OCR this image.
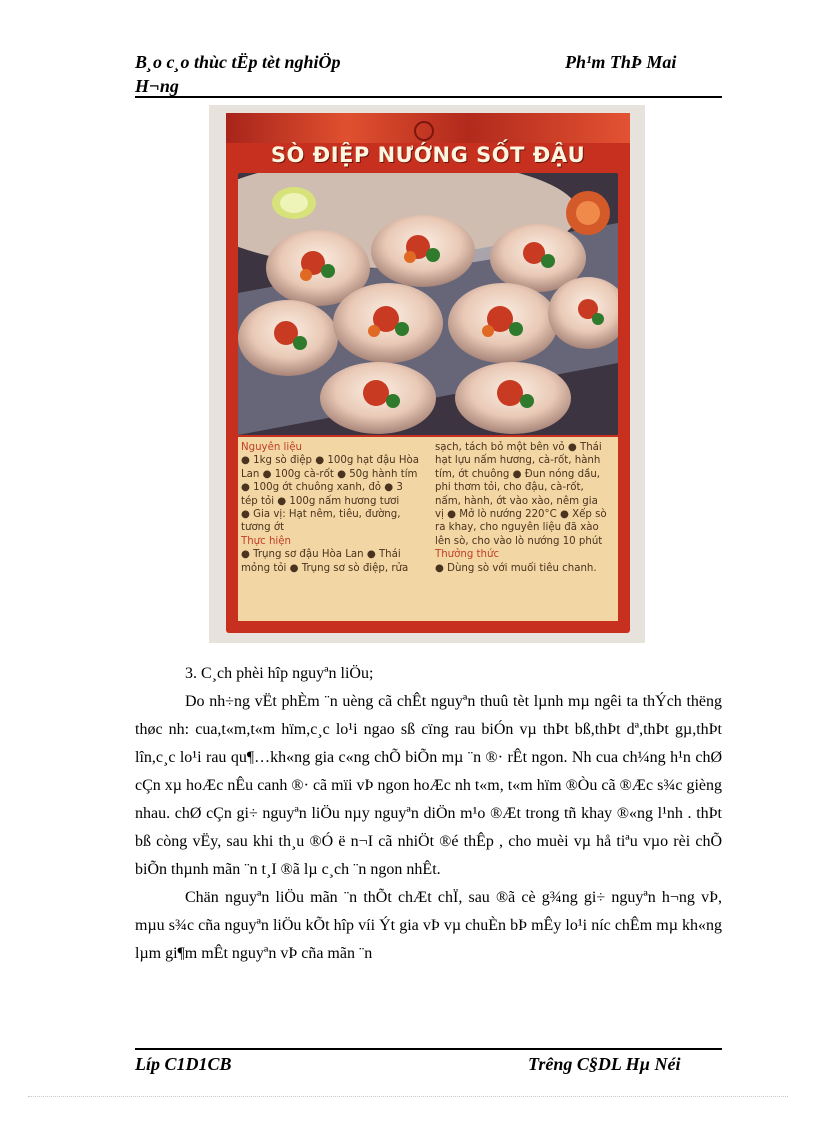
B¸o c¸o thùc tËp tèt nghiÖp
H¬ng
Ph¹m ThÞ Mai
SÒ ĐIỆP NƯỚNG SỐT ĐẬU
Nguyên liệu
● 1kg sò điệp ● 100g hạt đậu Hòa
Lan ● 100g cà-rốt ● 50g hành tím
● 100g ớt chuông xanh, đỏ ● 3
tép tỏi ● 100g nấm hương tươi
● Gia vị: Hạt nêm, tiêu, đường,
tương ớt
Thực hiện
● Trụng sơ đậu Hòa Lan ● Thái
mỏng tỏi ● Trụng sơ sò điệp, rửa
sạch, tách bỏ một bên vỏ ● Thái
hạt lựu nấm hương, cà-rốt, hành
tím, ớt chuông ● Đun nóng dầu,
phi thơm tỏi, cho đậu, cà-rốt,
nấm, hành, ớt vào xào, nêm gia
vị ● Mở lò nướng 220°C ● Xếp sò
ra khay, cho nguyên liệu đã xào
lên sò, cho vào lò nướng 10 phút
Thưởng thức
● Dùng sò với muối tiêu chanh.

3. C¸ch phèi hîp nguyªn liÖu;

Do nh÷ng vËt phÈm ¨n uèng cã chÊt nguyªn thuû tèt lµnh mµ ngêi ta thÝch thëng thøc nh: cua,t«m,t«m hïm,c¸c lo¹i ngao sß cïng rau biÓn vµ thÞt bß,thÞt dª,thÞt gµ,thÞt lîn,c¸c lo¹i rau qu¶…kh«ng gia c«ng chÕ biÕn mµ ¨n ®· rÊt ngon. Nh cua ch¼ng h¹n chØ cÇn xµ hoÆc nÊu canh ®· cã mïi vÞ ngon hoÆc nh t«m, t«m hïm ®Òu cã ®Æc s¾c gièng nhau. chØ cÇn gi÷ nguyªn liÖu nµy nguyªn diÖn m¹o ®Æt trong tñ khay ®«ng l¹nh . thÞt bß còng vËy, sau khi th¸u ®Ó ë n¬I cã nhiÖt ®é thÊp , cho muèi vµ hå tiªu vµo rèi chÕ biÕn thµnh mãn ¨n t¸I ®ã lµ c¸ch ¨n ngon nhÊt.

Chän nguyªn liÖu mãn ¨n thÕt chÆt chÏ, sau ®ã cè g¾ng gi÷ nguyªn h¬ng vÞ, mµu s¾c cña nguyªn liÖu kÕt hîp víi Ýt gia vÞ vµ chuÈn bÞ mÊy lo¹i níc chÊm mµ kh«ng lµm gi¶m mÊt nguyªn vÞ cña mãn ¨n

Líp C1D1CB	Trêng C§DL Hµ Néi
